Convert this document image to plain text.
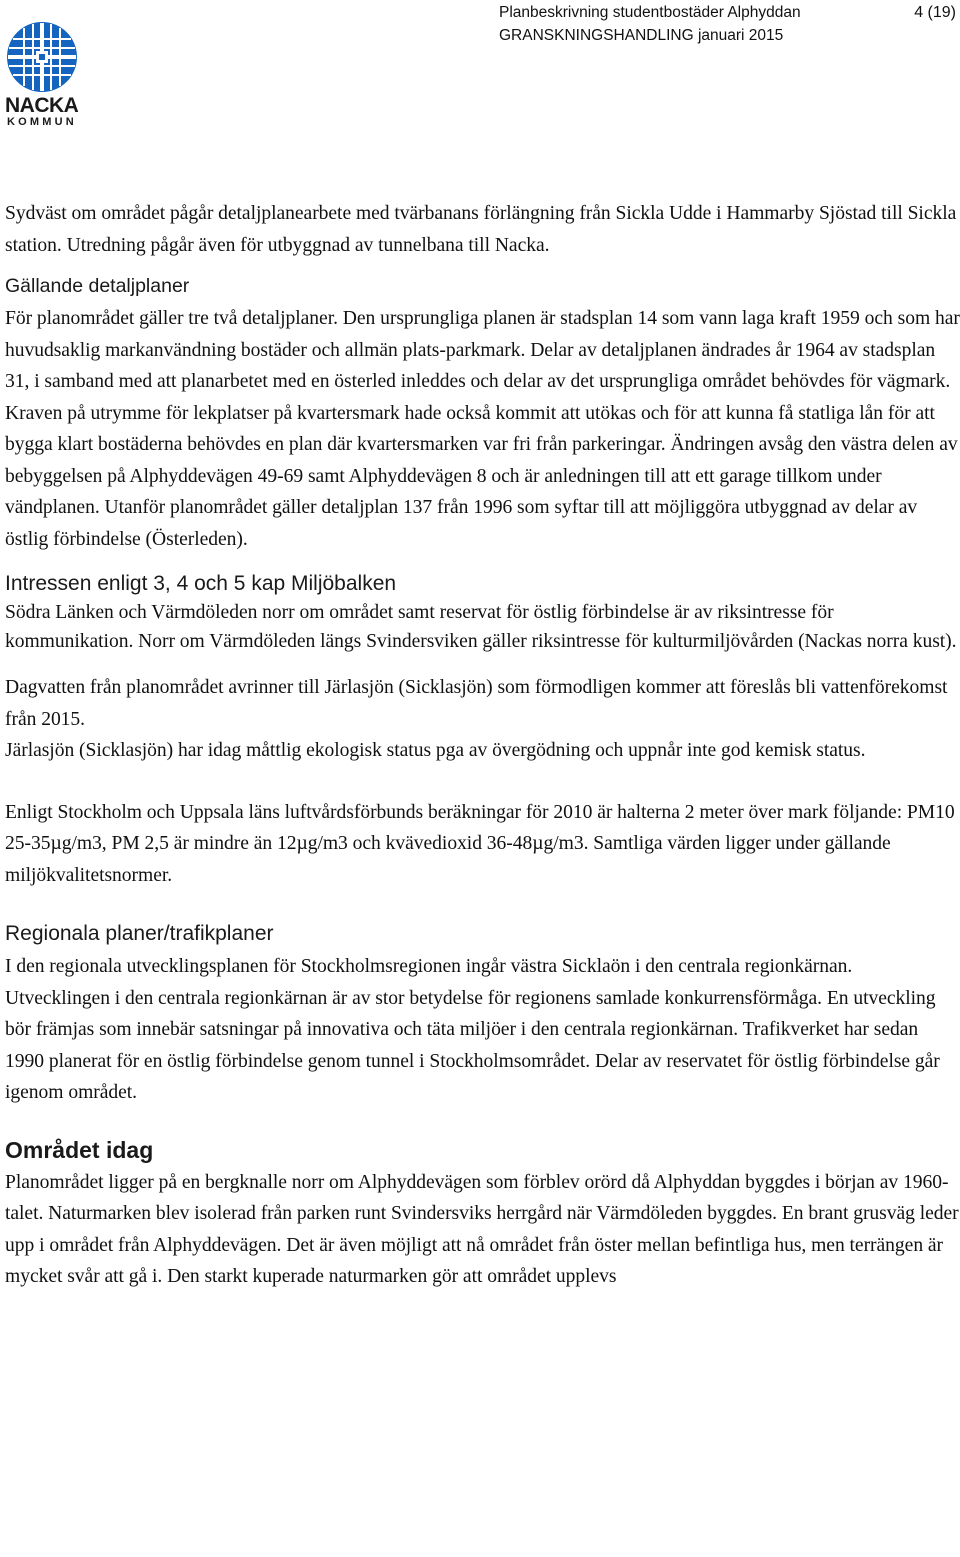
NACKA
KOMMUN
Planbeskrivning studentbostäder Alphyddan
GRANSKNINGSHANDLING januari 2015
4 (19)

Sydväst om området pågår detaljplanearbete med tvärbanans förlängning från Sickla Udde i Hammarby Sjöstad till Sickla station. Utredning pågår även för utbyggnad av tunnelbana till Nacka.

Gällande detaljplaner

För planområdet gäller tre två detaljplaner. Den ursprungliga planen är stadsplan 14 som vann laga kraft 1959 och som har huvudsaklig markanvändning bostäder och allmän plats-parkmark. Delar av detaljplanen ändrades år 1964 av stadsplan 31, i samband med att planarbetet med en österled inleddes och delar av det ursprungliga området behövdes för vägmark. Kraven på utrymme för lekplatser på kvartersmark hade också kommit att utökas och för att kunna få statliga lån för att bygga klart bostäderna behövdes en plan där kvartersmarken var fri från parkeringar. Ändringen avsåg den västra delen av bebyggelsen på Alphyddevägen 49-69 samt Alphyddevägen 8 och är anledningen till att ett garage tillkom under vändplanen. Utanför planområdet gäller detaljplan 137 från 1996 som syftar till att möjliggöra utbyggnad av delar av östlig förbindelse (Österleden).

Intressen enligt 3, 4 och 5 kap Miljöbalken

Södra Länken och Värmdöleden norr om området samt reservat för östlig förbindelse är av riksintresse för kommunikation. Norr om Värmdöleden längs Svindersviken gäller riksintresse för kulturmiljövården (Nackas norra kust).

Dagvatten från planområdet avrinner till Järlasjön (Sicklasjön) som förmodligen kommer att föreslås bli vattenförekomst från 2015.

Järlasjön (Sicklasjön) har idag måttlig ekologisk status pga av övergödning och uppnår inte god kemisk status.

Enligt Stockholm och Uppsala läns luftvårdsförbunds beräkningar för 2010 är halterna 2 meter över mark följande: PM10 25-35µg/m3, PM 2,5 är mindre än 12µg/m3 och kvävedioxid 36-48µg/m3. Samtliga värden ligger under gällande miljökvalitetsnormer.

Regionala planer/trafikplaner

I den regionala utvecklingsplanen för Stockholmsregionen ingår västra Sicklaön i den centrala regionkärnan. Utvecklingen i den centrala regionkärnan är av stor betydelse för regionens samlade konkurrensförmåga. En utveckling bör främjas som innebär satsningar på innovativa och täta miljöer i den centrala regionkärnan. Trafikverket har sedan 1990 planerat för en östlig förbindelse genom tunnel i Stockholmsområdet. Delar av reservatet för östlig förbindelse går igenom området.

Området idag

Planområdet ligger på en bergknalle norr om Alphyddevägen som förblev orörd då Alphyddan byggdes i början av 1960-talet. Naturmarken blev isolerad från parken runt Svindersviks herrgård när Värmdöleden byggdes. En brant grusväg leder upp i området från Alphyddevägen. Det är även möjligt att nå området från öster mellan befintliga hus, men terrängen är mycket svår att gå i. Den starkt kuperade naturmarken gör att området upplevs
